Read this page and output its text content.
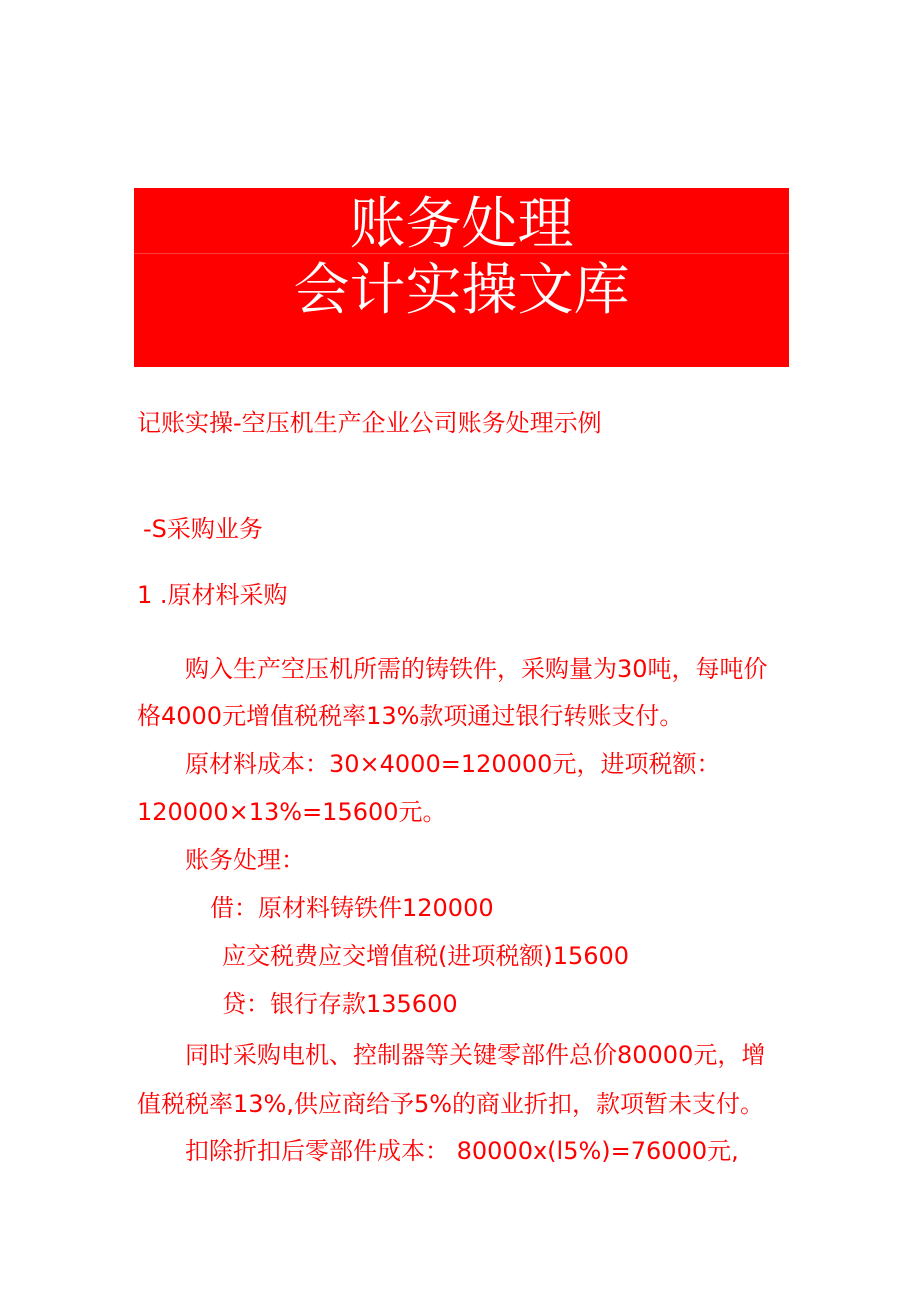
账务处理
会计实操文库
记账实操-空压机生产企业公司账务处理示例
-S采购业务
1 .原材料采购
购入生产空压机所需的铸铁件，采购量为30吨，每吨价
格4000元增值税税率13%款项通过银行转账支付。
原材料成本：30×4000=120000元，进项税额：
120000×13%=15600元。
账务处理：
借：原材料铸铁件120000
应交税费应交增值税(进项税额)15600
贷：银行存款135600
同时采购电机、控制器等关键零部件总价80000元，增
值税税率13%,供应商给予5%的商业折扣，款项暂未支付。
扣除折扣后零部件成本： 80000x(l5%)=76000元,
